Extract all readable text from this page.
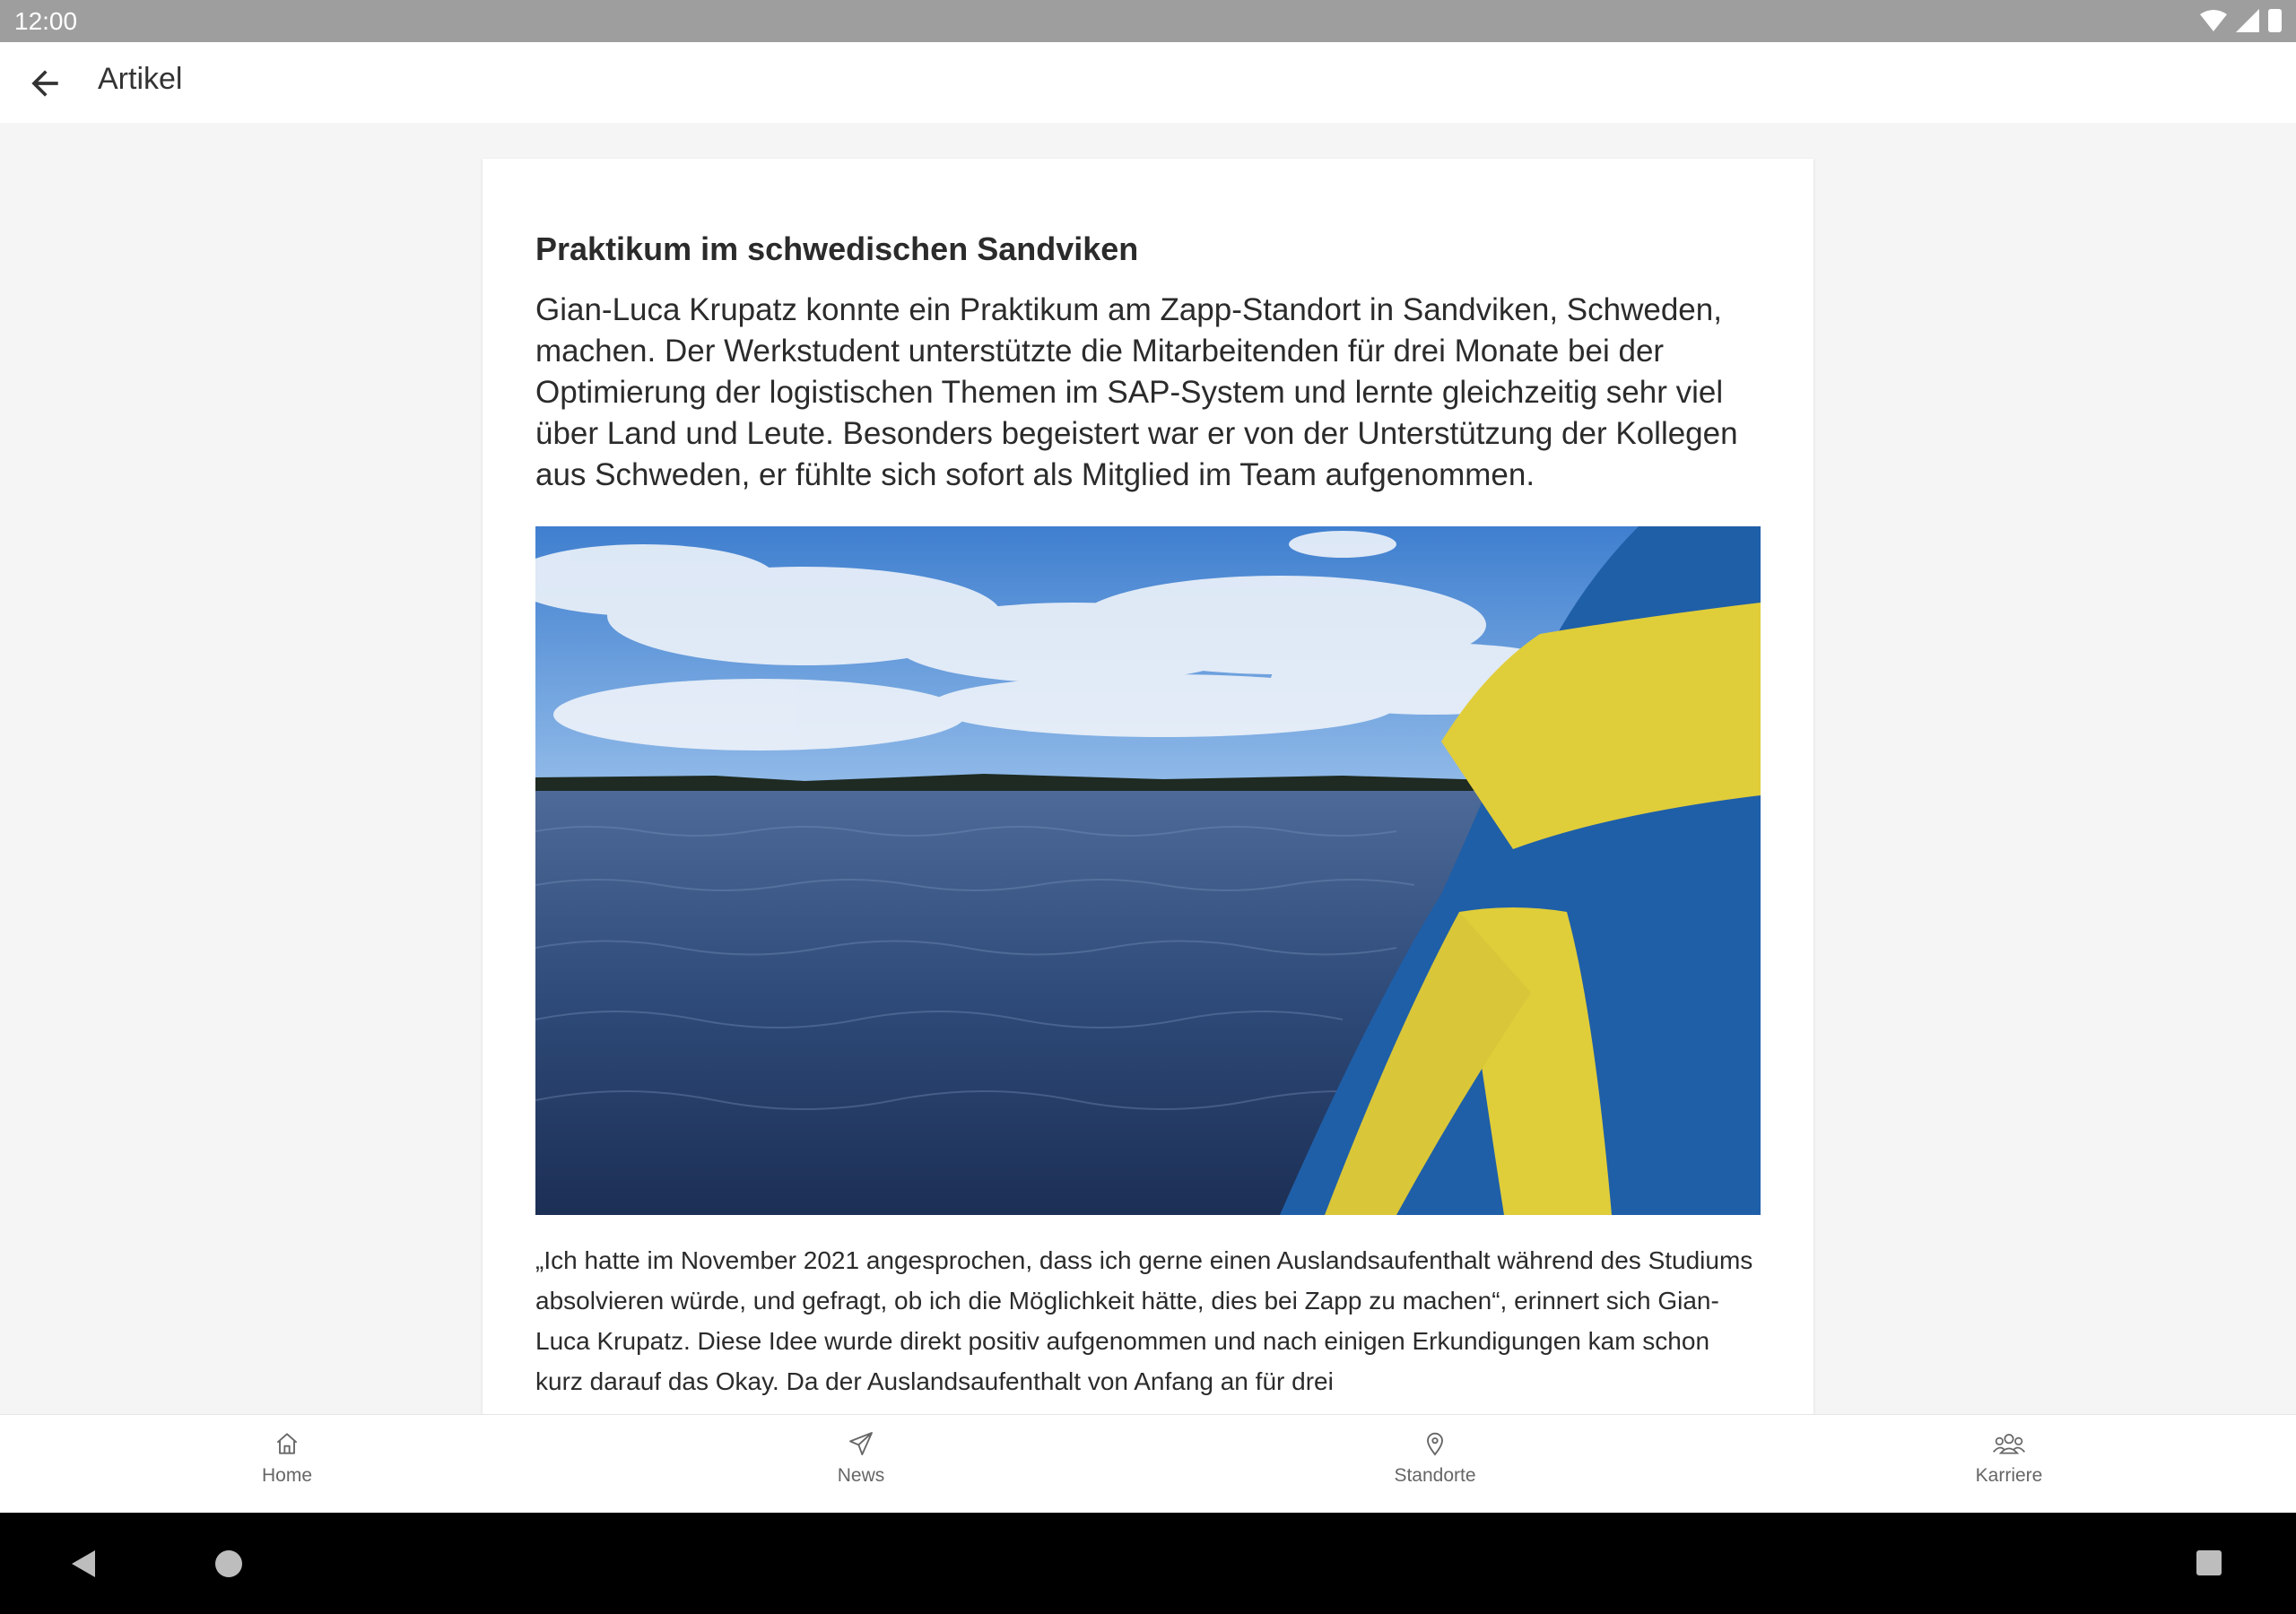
12:00
Artikel
Praktikum im schwedischen Sandviken
Gian-Luca Krupatz konnte ein Praktikum am Zapp-Standort in Sandviken, Schweden, machen. Der Werkstudent unterstützte die Mitarbeitenden für drei Monate bei der Optimierung der logistischen Themen im SAP-System und lernte gleichzeitig sehr viel über Land und Leute. Besonders begeistert war er von der Unterstützung der Kollegen aus Schweden, er fühlte sich sofort als Mitglied im Team aufgenommen.
„Ich hatte im November 2021 angesprochen, dass ich gerne einen Auslandsaufenthalt während des Studiums absolvieren würde, und gefragt, ob ich die Möglichkeit hätte, dies bei Zapp zu machen“, erinnert sich Gian-Luca Krupatz. Diese Idee wurde direkt positiv aufgenommen und nach einigen Erkundigungen kam schon kurz darauf das Okay. Da der Auslandsaufenthalt von Anfang an für drei
Home	News	Standorte	Karriere
